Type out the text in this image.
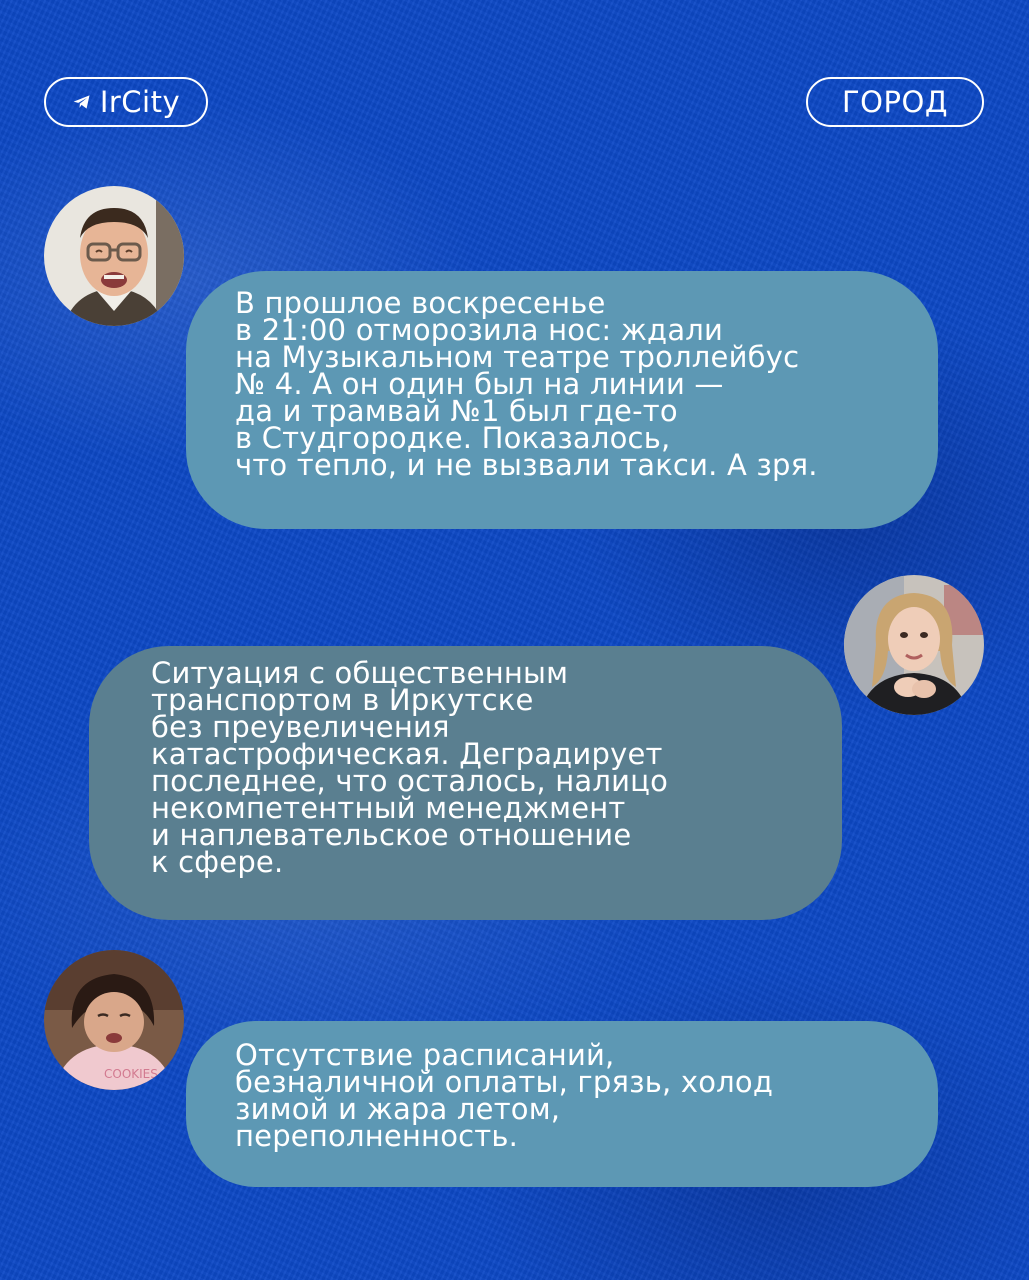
IrCity	ГОРОД
В прошлое воскресенье
в 21:00 отморозила нос: ждали
на Музыкальном театре троллейбус
№ 4. А он один был на линии —
да и трамвай №1 был где-то
в Студгородке. Показалось,
что тепло, и не вызвали такси. А зря.
Ситуация с общественным
транспортом в Иркутске
без преувеличения
катастрофическая. Деградирует
последнее, что осталось, налицо
некомпетентный менеджмент
и наплевательское отношение
к сфере.
COOKIES
Отсутствие расписаний,
безналичной оплаты, грязь, холод
зимой и жара летом,
переполненность.
